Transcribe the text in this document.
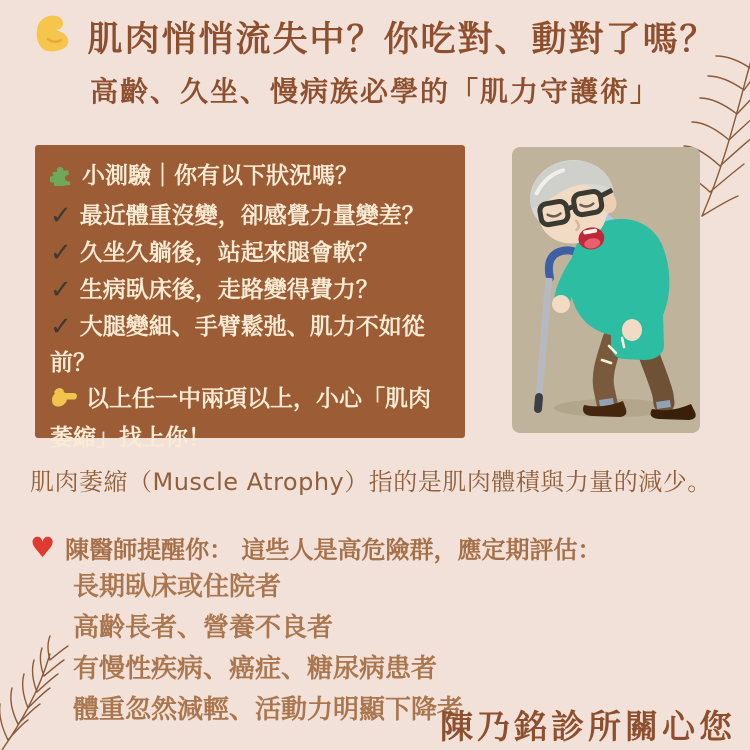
肌肉悄悄流失中？你吃對、動對了嗎？
高齡、久坐、慢病族必學的「肌力守護術」
小測驗｜你有以下狀況嗎？
✓ 最近體重沒變，卻感覺力量變差？
✓ 久坐久躺後，站起來腿會軟？
✓ 生病臥床後，走路變得費力？
✓ 大腿變細、手臂鬆弛、肌力不如從前？
以上任一中兩項以上，小心「肌肉萎縮」找上你！
肌肉萎縮（Muscle Atrophy）指的是肌肉體積與力量的減少。
♥ 陳醫師提醒你： 這些人是高危險群，應定期評估：
長期臥床或住院者
高齡長者、營養不良者
有慢性疾病、癌症、糖尿病患者
體重忽然減輕、活動力明顯下降者
陳乃銘診所關心您
